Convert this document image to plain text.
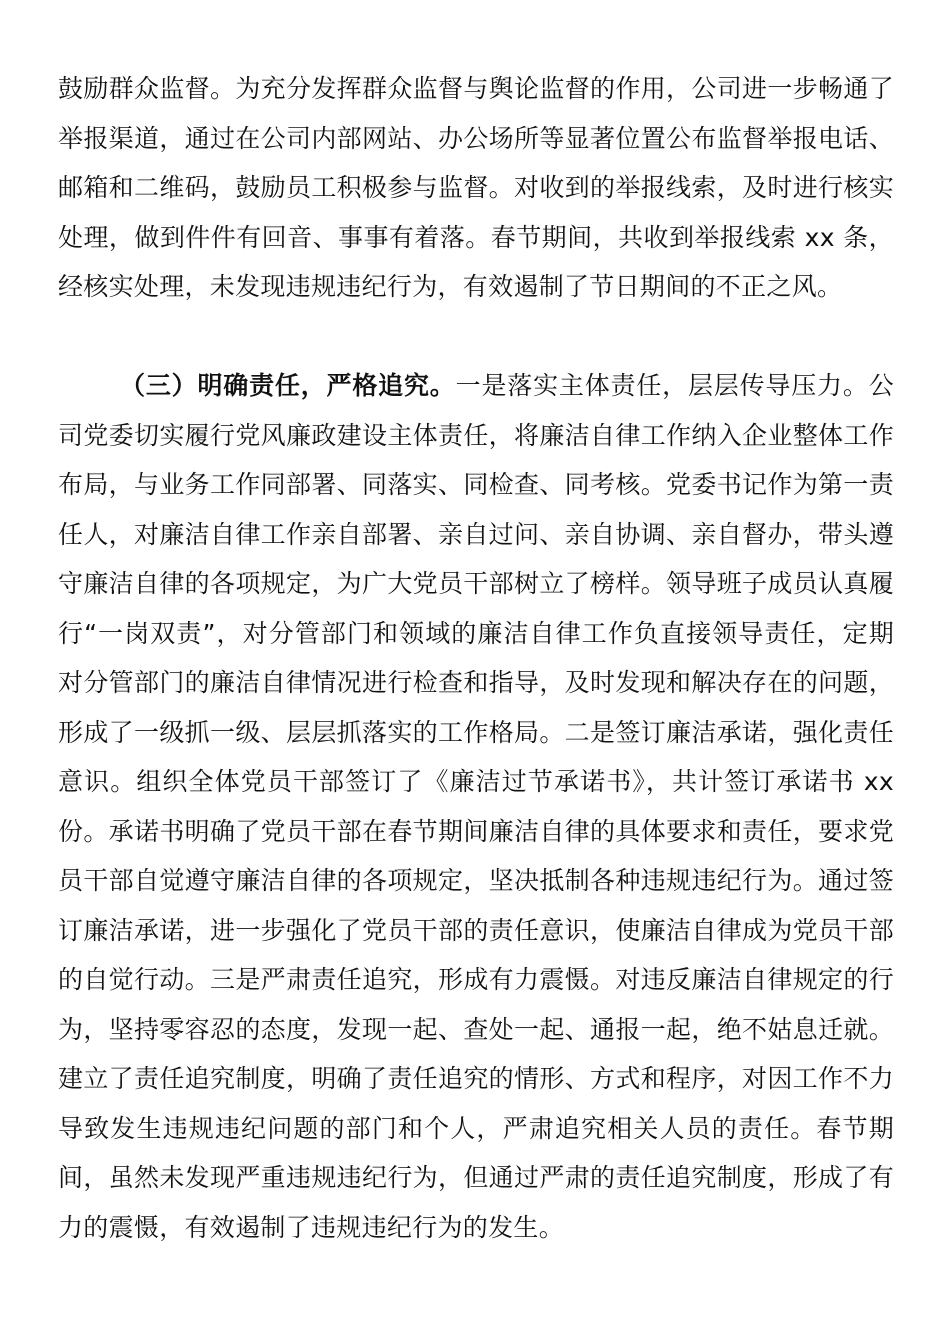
鼓励群众监督。为充分发挥群众监督与舆论监督的作用，公司进一步畅通了举报渠道，通过在公司内部网站、办公场所等显著位置公布监督举报电话、邮箱和二维码，鼓励员工积极参与监督。对收到的举报线索，及时进行核实处理，做到件件有回音、事事有着落。春节期间，共收到举报线索 xx 条，经核实处理，未发现违规违纪行为，有效遏制了节日期间的不正之风。

（三）明确责任，严格追究。一是落实主体责任，层层传导压力。公司党委切实履行党风廉政建设主体责任，将廉洁自律工作纳入企业整体工作布局，与业务工作同部署、同落实、同检查、同考核。党委书记作为第一责任人，对廉洁自律工作亲自部署、亲自过问、亲自协调、亲自督办，带头遵守廉洁自律的各项规定，为广大党员干部树立了榜样。领导班子成员认真履行“一岗双责”，对分管部门和领域的廉洁自律工作负直接领导责任，定期对分管部门的廉洁自律情况进行检查和指导，及时发现和解决存在的问题，形成了一级抓一级、层层抓落实的工作格局。二是签订廉洁承诺，强化责任意识。组织全体党员干部签订了《廉洁过节承诺书》，共计签订承诺书 xx 份。承诺书明确了党员干部在春节期间廉洁自律的具体要求和责任，要求党员干部自觉遵守廉洁自律的各项规定，坚决抵制各种违规违纪行为。通过签订廉洁承诺，进一步强化了党员干部的责任意识，使廉洁自律成为党员干部的自觉行动。三是严肃责任追究，形成有力震慑。对违反廉洁自律规定的行为，坚持零容忍的态度，发现一起、查处一起、通报一起，绝不姑息迁就。建立了责任追究制度，明确了责任追究的情形、方式和程序，对因工作不力导致发生违规违纪问题的部门和个人，严肃追究相关人员的责任。春节期间，虽然未发现严重违规违纪行为，但通过严肃的责任追究制度，形成了有力的震慑，有效遏制了违规违纪行为的发生。
